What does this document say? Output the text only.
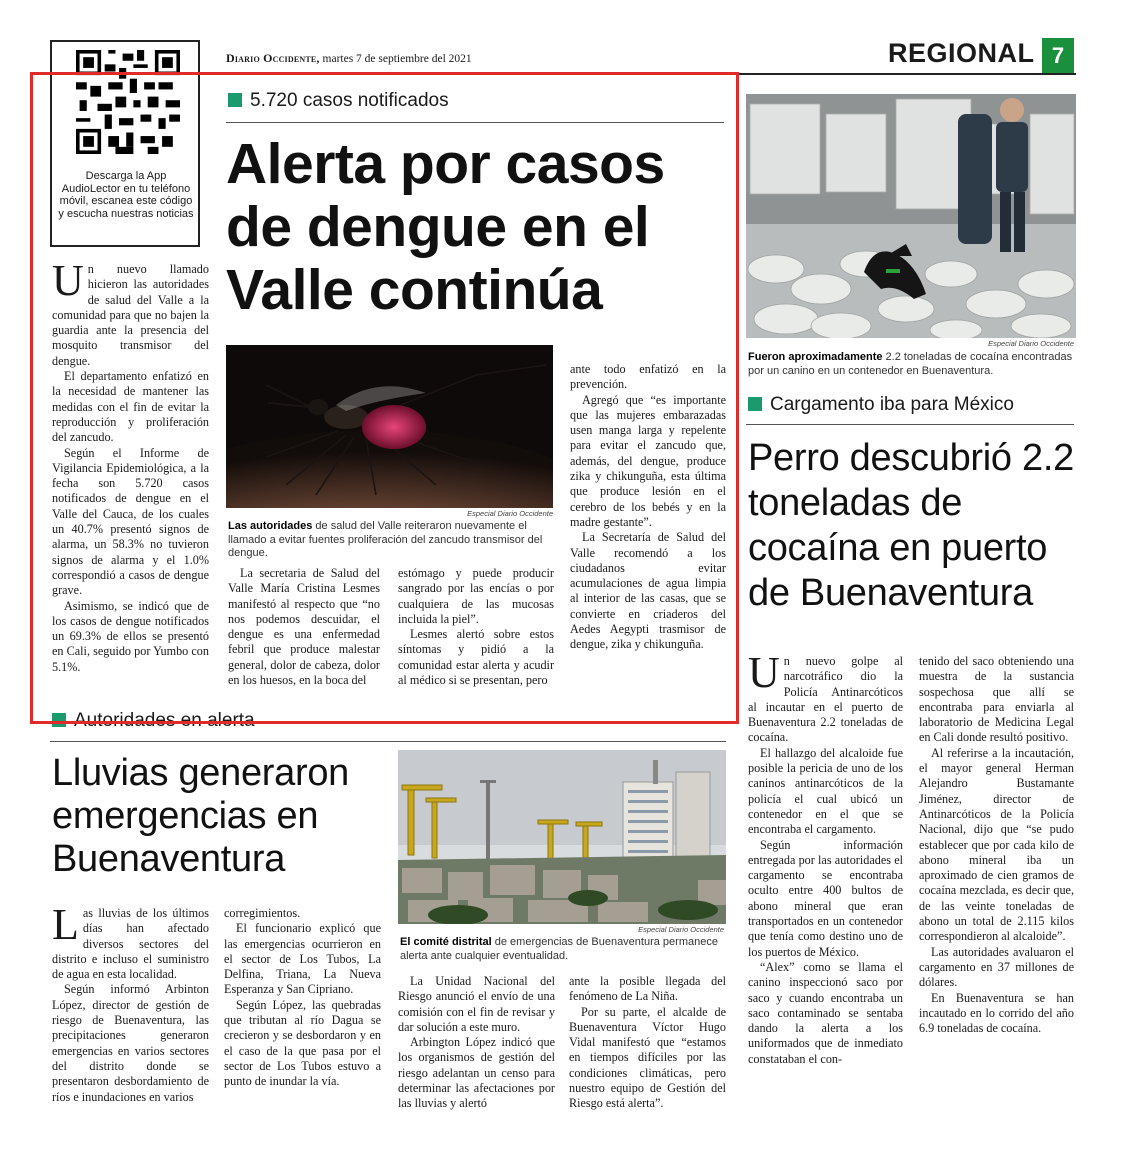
Descarga la App AudioLector en tu teléfono móvil, escanea este código y escucha nuestras noticias
Diario Occidente, martes 7 de septiembre del 2021	REGIONAL 7
5.720 casos notificados
Alerta por casos de dengue en el Valle continúa

Un nuevo llamado hicieron las autoridades de salud del Valle a la comunidad para que no bajen la guardia ante la presencia del mosquito transmisor del dengue.

El departamento enfatizó en la necesidad de mantener las medidas con el fin de evitar la reproducción y proliferación del zancudo.

Según el Informe de Vigilancia Epidemiológica, a la fecha son 5.720 casos notificados de dengue en el Valle del Cauca, de los cuales un 40.7% presentó signos de alarma, un 58.3% no tuvieron signos de alarma y el 1.0% correspondió a casos de dengue grave.

Asimismo, se indicó que de los casos de dengue notificados un 69.3% de ellos se presentó en Cali, seguido por Yumbo con 5.1%.

Especial Diario Occidente
Las autoridades de salud del Valle reiteraron nuevamente el llamado a evitar fuentes proliferación del zancudo transmisor del dengue.

La secretaria de Salud del Valle María Cristina Lesmes manifestó al respecto que “no nos podemos descuidar, el dengue es una enfermedad febril que produce malestar general, dolor de cabeza, dolor en los huesos, en la boca del

estómago y puede producir sangrado por las encías o por cualquiera de las mucosas incluida la piel”.

Lesmes alertó sobre estos síntomas y pidió a la comunidad estar alerta y acudir al médico si se presentan, pero

ante todo enfatizó en la prevención.

Agregó que “es importante que las mujeres embarazadas usen manga larga y repelente para evitar el zancudo que, además, del dengue, produce zika y chikunguña, esta última que produce lesión en el cerebro de los bebés y en la madre gestante”.

La Secretaría de Salud del Valle recomendó a los ciudadanos evitar acumulaciones de agua limpia al interior de las casas, que se convierte en criaderos del Aedes Aegypti trasmisor de dengue, zika y chikunguña.

Especial Diario Occidente
Fueron aproximadamente 2.2 toneladas de cocaína encontradas por un canino en un contenedor en Buenaventura.
Cargamento iba para México
Perro descubrió 2.2 toneladas de cocaína en puerto de Buenaventura

Un nuevo golpe al narcotráfico dio la Policía Antinarcóticos al incautar en el puerto de Buenaventura 2.2 toneladas de cocaína.

El hallazgo del alcaloide fue posible la pericia de uno de los caninos antinarcóticos de la policía el cual ubicó un contenedor en el que se encontraba el cargamento.

Según información entregada por las autoridades el cargamento se encontraba oculto entre 400 bultos de abono mineral que eran transportados en un contenedor que tenía como destino uno de los puertos de México.

“Alex” como se llama el canino inspeccionó saco por saco y cuando encontraba un saco contaminado se sentaba dando la alerta a los uniformados que de inmediato constataban el con-

tenido del saco obteniendo una muestra de la sustancia sospechosa que allí se encontraba para enviarla al laboratorio de Medicina Legal en Cali donde resultó positivo.

Al referirse a la incautación, el mayor general Herman Alejandro Bustamante Jiménez, director de Antinarcóticos de la Policía Nacional, dijo que “se pudo establecer que por cada kilo de abono mineral iba un aproximado de cien gramos de cocaína mezclada, es decir que, de las veinte toneladas de abono un total de 2.115 kilos correspondieron al alcaloide”.

Las autoridades avaluaron el cargamento en 37 millones de dólares.

En Buenaventura se han incautado en lo corrido del año 6.9 toneladas de cocaína.

Autoridades en alerta
Lluvias generaron emergencias en Buenaventura

Las lluvias de los últimos días han afectado diversos sectores del distrito e incluso el suministro de agua en esta localidad.

Según informó Arbinton López, director de gestión de riesgo de Buenaventura, las precipitaciones generaron emergencias en varios sectores del distrito donde se presentaron desbordamiento de ríos e inundaciones en varios

corregimientos.

El funcionario explicó que las emergencias ocurrieron en el sector de Los Tubos, La Delfina, Triana, La Nueva Esperanza y San Cipriano.

Según López, las quebradas que tributan al río Dagua se crecieron y se desbordaron y en el caso de la que pasa por el sector de Los Tubos estuvo a punto de inundar la vía.

Especial Diario Occidente
El comité distrital de emergencias de Buenaventura permanece alerta ante cualquier eventualidad.

La Unidad Nacional del Riesgo anunció el envío de una comisión con el fin de revisar y dar solución a este muro.

Arbington López indicó que los organismos de gestión del riesgo adelantan un censo para determinar las afectaciones por las lluvias y alertó

ante la posible llegada del fenómeno de La Niña.

Por su parte, el alcalde de Buenaventura Víctor Hugo Vidal manifestó que “estamos en tiempos difíciles por las condiciones climáticas, pero nuestro equipo de Gestión del Riesgo está alerta”.
